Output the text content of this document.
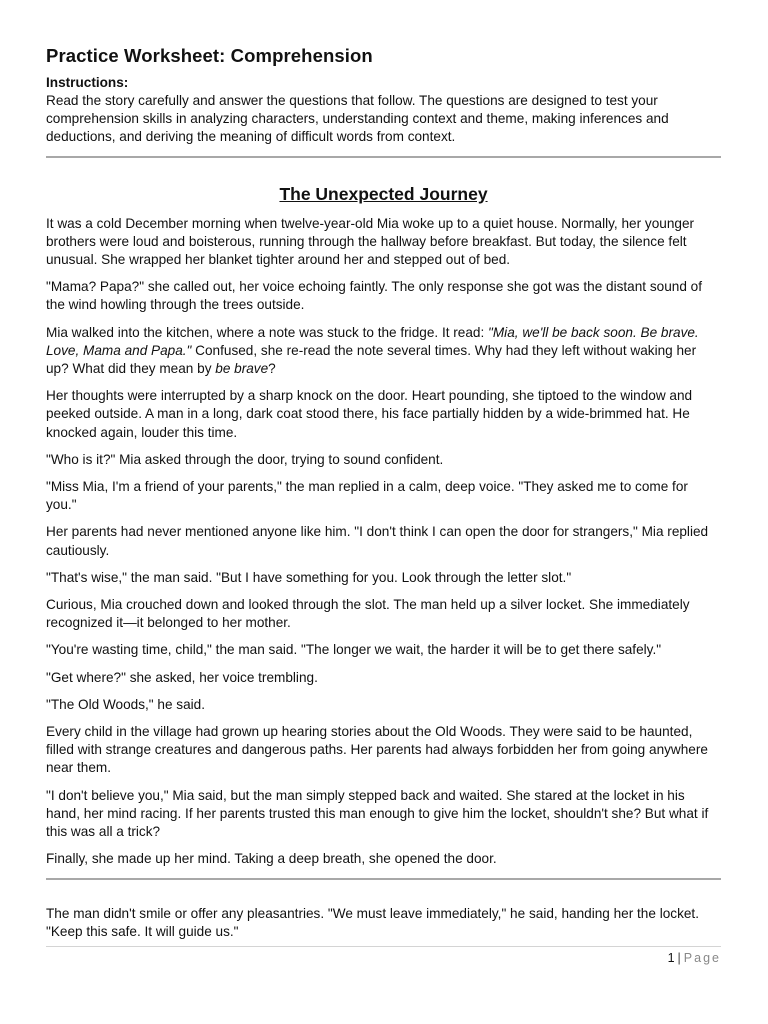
Practice Worksheet: Comprehension
Instructions:

Read the story carefully and answer the questions that follow. The questions are designed to test your comprehension skills in analyzing characters, understanding context and theme, making inferences and deductions, and deriving the meaning of difficult words from context.

The Unexpected Journey

It was a cold December morning when twelve-year-old Mia woke up to a quiet house. Normally, her younger brothers were loud and boisterous, running through the hallway before breakfast. But today, the silence felt unusual. She wrapped her blanket tighter around her and stepped out of bed.

"Mama? Papa?" she called out, her voice echoing faintly. The only response she got was the distant sound of the wind howling through the trees outside.

Mia walked into the kitchen, where a note was stuck to the fridge. It read: "Mia, we'll be back soon. Be brave. Love, Mama and Papa." Confused, she re-read the note several times. Why had they left without waking her up? What did they mean by be brave?

Her thoughts were interrupted by a sharp knock on the door. Heart pounding, she tiptoed to the window and peeked outside. A man in a long, dark coat stood there, his face partially hidden by a wide-brimmed hat. He knocked again, louder this time.

"Who is it?" Mia asked through the door, trying to sound confident.

"Miss Mia, I'm a friend of your parents," the man replied in a calm, deep voice. "They asked me to come for you."

Her parents had never mentioned anyone like him. "I don't think I can open the door for strangers," Mia replied cautiously.

"That's wise," the man said. "But I have something for you. Look through the letter slot."

Curious, Mia crouched down and looked through the slot. The man held up a silver locket. She immediately recognized it—it belonged to her mother.

"You're wasting time, child," the man said. "The longer we wait, the harder it will be to get there safely."

"Get where?" she asked, her voice trembling.

"The Old Woods," he said.

Every child in the village had grown up hearing stories about the Old Woods. They were said to be haunted, filled with strange creatures and dangerous paths. Her parents had always forbidden her from going anywhere near them.

"I don't believe you," Mia said, but the man simply stepped back and waited. She stared at the locket in his hand, her mind racing. If her parents trusted this man enough to give him the locket, shouldn't she? But what if this was all a trick?

Finally, she made up her mind. Taking a deep breath, she opened the door.

The man didn't smile or offer any pleasantries. "We must leave immediately," he said, handing her the locket. "Keep this safe. It will guide us."

1 | Page
